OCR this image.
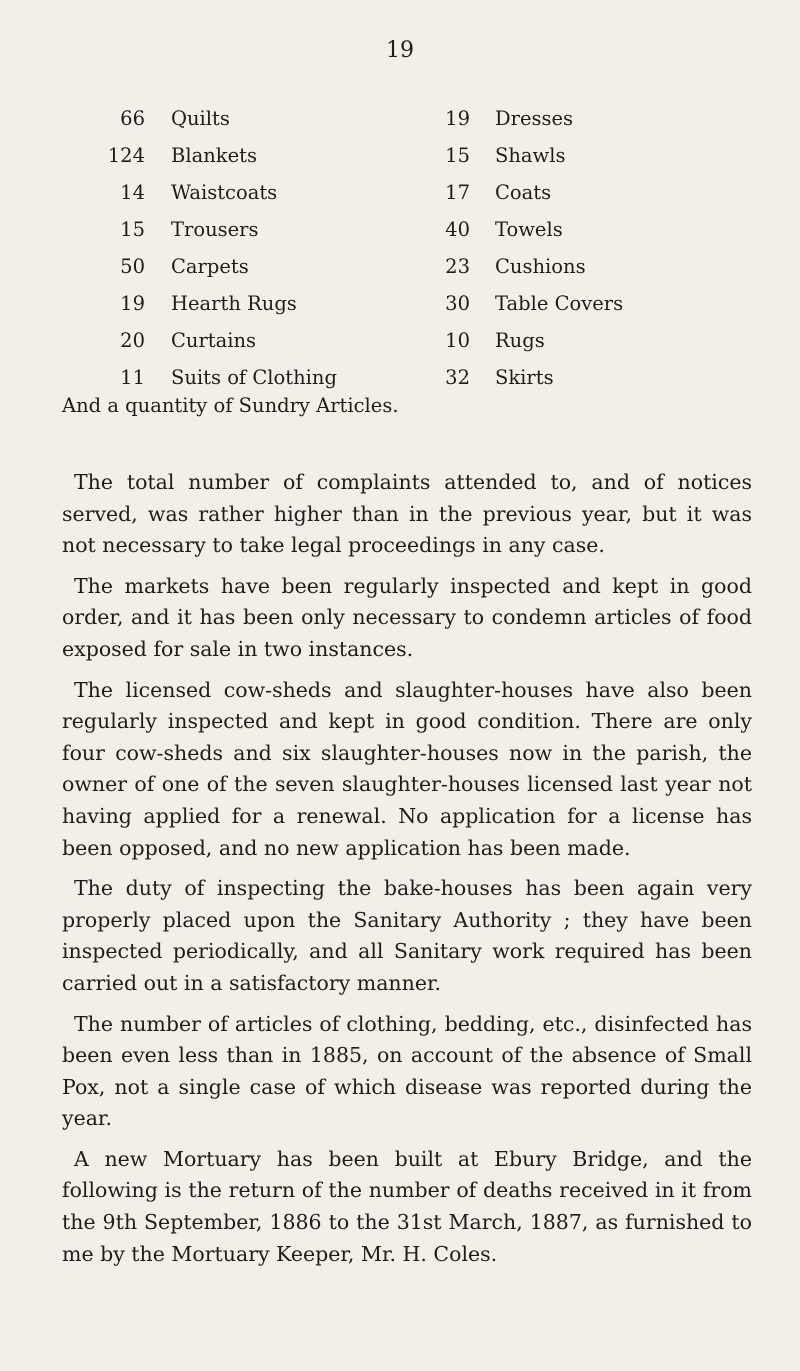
19
66 Quilts	19 Dresses
124 Blankets	15 Shawls
14 Waistcoats	17 Coats
15 Trousers	40 Towels
50 Carpets	23 Cushions
19 Hearth Rugs	30 Table Covers
20 Curtains	10 Rugs
11 Suits of Clothing	32 Skirts
And a quantity of Sundry Articles.

The total number of complaints attended to, and of notices served, was rather higher than in the previous year, but it was not necessary to take legal proceedings in any case.

The markets have been regularly inspected and kept in good order, and it has been only necessary to condemn articles of food exposed for sale in two instances.

The licensed cow-sheds and slaughter-houses have also been regularly inspected and kept in good condition. There are only four cow-sheds and six slaughter-houses now in the parish, the owner of one of the seven slaughter-houses licensed last year not having applied for a renewal. No application for a license has been opposed, and no new application has been made.

The duty of inspecting the bake-houses has been again very properly placed upon the Sanitary Authority ; they have been inspected periodically, and all Sanitary work required has been carried out in a satisfactory manner.

The number of articles of clothing, bedding, etc., disinfected has been even less than in 1885, on account of the absence of Small Pox, not a single case of which disease was reported during the year.

A new Mortuary has been built at Ebury Bridge, and the following is the return of the number of deaths received in it from the 9th September, 1886 to the 31st March, 1887, as furnished to me by the Mortuary Keeper, Mr. H. Coles.
